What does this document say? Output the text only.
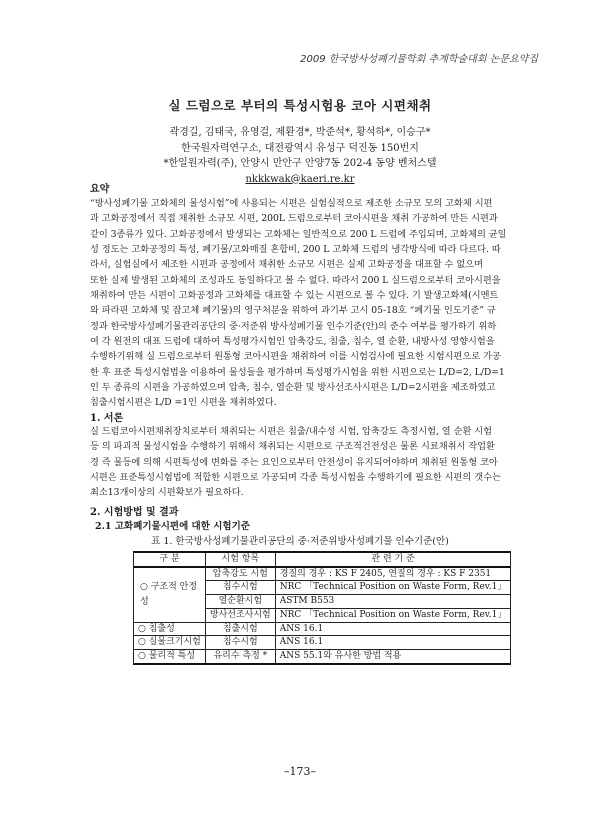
2009 한국방사성폐기물학회 추계학술대회 논문요약집
실 드럼으로 부터의 특성시험용 코아 시편채취
곽경길, 김태국, 유영걸, 제환경*, 박준석*, 황석하*, 이승구*
한국원자력연구소, 대전광역시 유성구 덕진동 150번지
*한일원자력(주), 안양시 만안구 안양7동 202-4 동양 벤처스텔
nkkkwak@kaeri.re.kr
요약
“방사성폐기물 고화체의 물성시험”에 사용되는 시편은 실험실적으로 제조한 소규모 모의 고화체 시편
과 고화공정에서 직접 채취한 소규모 시편, 200L 드럼으로부터 코아시편을 채취 가공하여 만든 시편과
같이 3종류가 있다. 고화공정에서 발생되는 고화체는 일반적으로 200 L 드럼에 주입되며, 고화체의 균일
성 정도는 고화공정의 특성, 폐기물/고화매질 혼합비, 200 L 고화체 드럼의 냉각방식에 따라 다르다. 따
라서, 실험실에서 제조한 시편과 공정에서 채취한 소규모 시편은 실제 고화공정을 대표할 수 없으며
또한 실제 발생된 고화체의 조성과도 동일하다고 볼 수 없다. 따라서 200 L 실드럼으로부터 코아시편을
채취하여 만든 시편이 고화공정과 고화체를 대표할 수 있는 시편으로 볼 수 있다. 기 발생고화체(시멘트
와 파라핀 고화체 및 잡고체 폐기물)의 영구처분을 위하여 과기부 고시 05-18호 “폐기물 인도기준” 규
정과 한국방사성폐기물관리공단의 중·저준위 방사성폐기물 인수기준(안)의 준수 여부를 평가하기 위하
여 각 원전의 대표 드럼에 대하여 특성평가시험인 압축강도, 침출, 침수, 열 순환, 내방사성 영향시험을
수행하기위해 실 드럼으로부터 원통형 코아시편을 채취하여 이를 시험검사에 필요한 시험시편으로 가공
한 후 표준 특성시험법을 이용하여 물성들을 평가하며 특성평가시험을 위한 시편으로는 L/D=2, L/D=1
인 두 종류의 시편을 가공하였으며 압축, 침수, 열순환 및 방사선조사시편은 L/D=2시편을 제조하였고
침출시험시편은 L/D =1인 시편을 채취하였다.
1. 서론
실 드럼코아시편채취장치로부터 채취되는 시편은 침출/내수성 시험, 압축강도 측정시험, 열 순환 시험
등 의 파괴적 물성시험을 수행하기 위해서 채취되는 시편으로 구조적건전성은 물론 시료채취시 작업환
경 즉 물등에 의해 시편특성에 변화를 주는 요인으로부터 안전성이 유지되어야하며 채취된 원통형 코아
시편은 표준특성시험법에 적합한 시편으로 가공되며 각종 특성시험을 수행하기에 필요한 시편의 갯수는
최소13개이상의 시편확보가 필요하다.
2. 시험방법 및 결과
2.1 고화폐기물시편에 대한 시험기준
표 1. 한국방사성폐기물관리공단의 중·저준위방사성폐기물 인수기준(안)
구 분	시험 항목	관 련 기 준
○ 구조적 안정성	압축강도 시험	경질의 경우 : KS F 2405, 연질의 경우 : KS F 2351
	침수시험	NRC 「Technical Position on Waste Form, Rev.1」
	열순환시험	ASTM B553
	방사선조사시험	NRC 「Technical Position on Waste Form, Rev.1」
○ 침출성	침출시험	ANS 16.1
○ 실물크기시험	침수시험	ANS 16.1
○ 물리적 특성	유리수 측정 *	ANS 55.1와 유사한 방법 적용
–173–
